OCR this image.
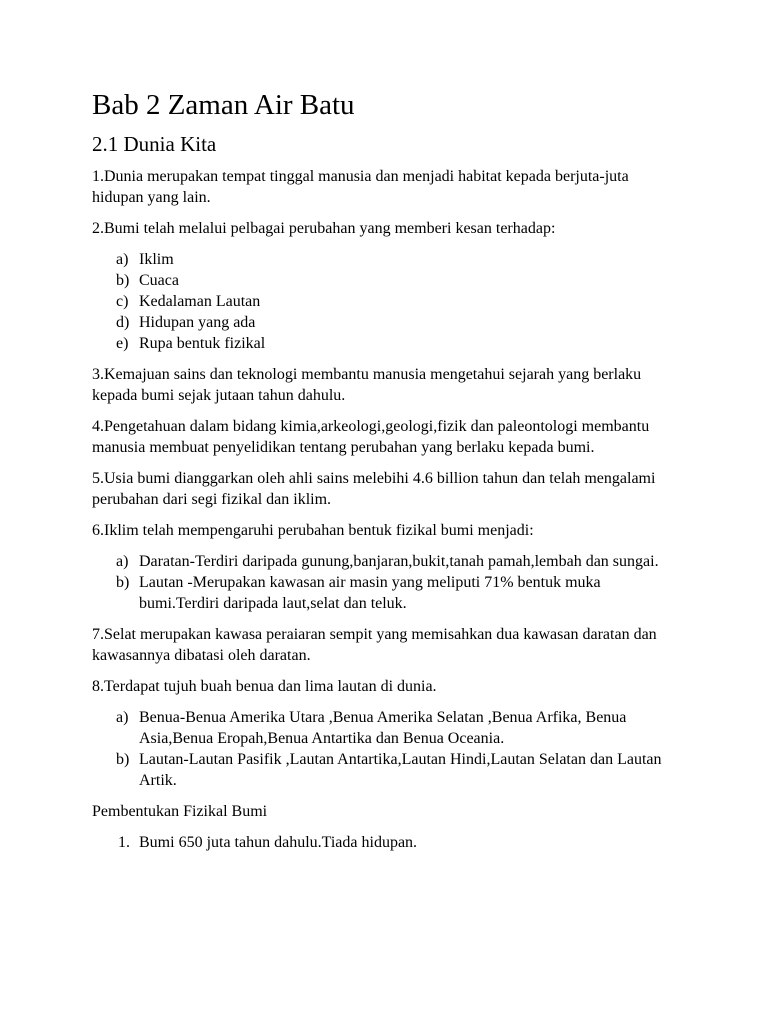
Bab 2 Zaman Air Batu
2.1 Dunia Kita

1.Dunia merupakan tempat tinggal manusia dan menjadi habitat kepada berjuta-juta hidupan yang lain.

2.Bumi telah melalui pelbagai perubahan yang memberi kesan terhadap:

a) Iklim
b) Cuaca
c) Kedalaman Lautan
d) Hidupan yang ada
e) Rupa bentuk fizikal

3.Kemajuan sains dan teknologi membantu manusia mengetahui sejarah yang berlaku kepada bumi sejak jutaan tahun dahulu.

4.Pengetahuan dalam bidang kimia,arkeologi,geologi,fizik dan paleontologi membantu manusia membuat penyelidikan tentang perubahan yang berlaku kepada bumi.

5.Usia bumi dianggarkan oleh ahli sains melebihi 4.6 billion tahun dan telah mengalami perubahan dari segi fizikal dan iklim.

6.Iklim telah mempengaruhi perubahan bentuk fizikal bumi menjadi:

a) Daratan-Terdiri daripada gunung,banjaran,bukit,tanah pamah,lembah dan sungai.
b) Lautan -Merupakan kawasan air masin yang meliputi 71% bentuk muka bumi.Terdiri daripada laut,selat dan teluk.

7.Selat merupakan kawasa peraiaran sempit yang memisahkan dua kawasan daratan dan kawasannya dibatasi oleh daratan.

8.Terdapat tujuh buah benua dan lima lautan di dunia.

a) Benua-Benua Amerika Utara ,Benua Amerika Selatan ,Benua Arfika, Benua Asia,Benua Eropah,Benua Antartika dan Benua Oceania.
b) Lautan-Lautan Pasifik ,Lautan Antartika,Lautan Hindi,Lautan Selatan dan Lautan Artik.

Pembentukan Fizikal Bumi

1. Bumi 650 juta tahun dahulu.Tiada hidupan.
